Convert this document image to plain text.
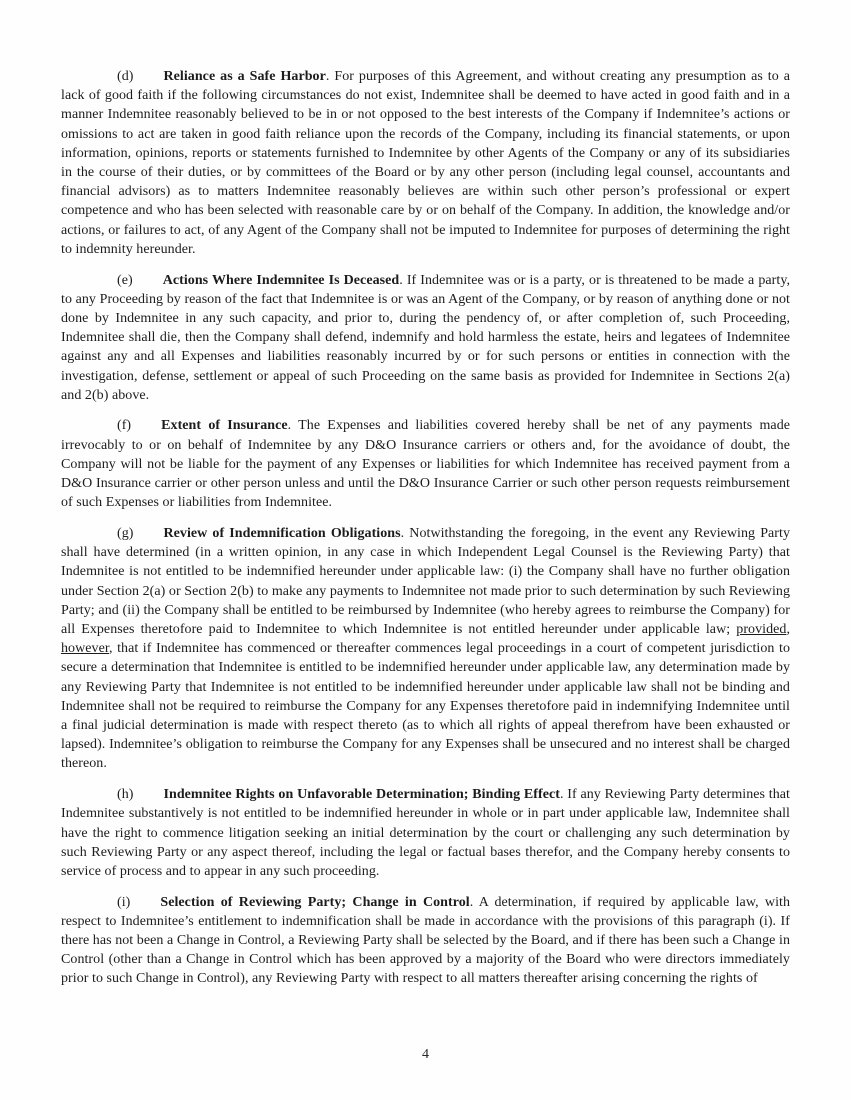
(d) Reliance as a Safe Harbor. For purposes of this Agreement, and without creating any presumption as to a lack of good faith if the following circumstances do not exist, Indemnitee shall be deemed to have acted in good faith and in a manner Indemnitee reasonably believed to be in or not opposed to the best interests of the Company if Indemnitee’s actions or omissions to act are taken in good faith reliance upon the records of the Company, including its financial statements, or upon information, opinions, reports or statements furnished to Indemnitee by other Agents of the Company or any of its subsidiaries in the course of their duties, or by committees of the Board or by any other person (including legal counsel, accountants and financial advisors) as to matters Indemnitee reasonably believes are within such other person’s professional or expert competence and who has been selected with reasonable care by or on behalf of the Company. In addition, the knowledge and/or actions, or failures to act, of any Agent of the Company shall not be imputed to Indemnitee for purposes of determining the right to indemnity hereunder.

(e) Actions Where Indemnitee Is Deceased. If Indemnitee was or is a party, or is threatened to be made a party, to any Proceeding by reason of the fact that Indemnitee is or was an Agent of the Company, or by reason of anything done or not done by Indemnitee in any such capacity, and prior to, during the pendency of, or after completion of, such Proceeding, Indemnitee shall die, then the Company shall defend, indemnify and hold harmless the estate, heirs and legatees of Indemnitee against any and all Expenses and liabilities reasonably incurred by or for such persons or entities in connection with the investigation, defense, settlement or appeal of such Proceeding on the same basis as provided for Indemnitee in Sections 2(a) and 2(b) above.

(f) Extent of Insurance. The Expenses and liabilities covered hereby shall be net of any payments made irrevocably to or on behalf of Indemnitee by any D&O Insurance carriers or others and, for the avoidance of doubt, the Company will not be liable for the payment of any Expenses or liabilities for which Indemnitee has received payment from a D&O Insurance carrier or other person unless and until the D&O Insurance Carrier or such other person requests reimbursement of such Expenses or liabilities from Indemnitee.

(g) Review of Indemnification Obligations. Notwithstanding the foregoing, in the event any Reviewing Party shall have determined (in a written opinion, in any case in which Independent Legal Counsel is the Reviewing Party) that Indemnitee is not entitled to be indemnified hereunder under applicable law: (i) the Company shall have no further obligation under Section 2(a) or Section 2(b) to make any payments to Indemnitee not made prior to such determination by such Reviewing Party; and (ii) the Company shall be entitled to be reimbursed by Indemnitee (who hereby agrees to reimburse the Company) for all Expenses theretofore paid to Indemnitee to which Indemnitee is not entitled hereunder under applicable law; provided, however, that if Indemnitee has commenced or thereafter commences legal proceedings in a court of competent jurisdiction to secure a determination that Indemnitee is entitled to be indemnified hereunder under applicable law, any determination made by any Reviewing Party that Indemnitee is not entitled to be indemnified hereunder under applicable law shall not be binding and Indemnitee shall not be required to reimburse the Company for any Expenses theretofore paid in indemnifying Indemnitee until a final judicial determination is made with respect thereto (as to which all rights of appeal therefrom have been exhausted or lapsed). Indemnitee’s obligation to reimburse the Company for any Expenses shall be unsecured and no interest shall be charged thereon.

(h) Indemnitee Rights on Unfavorable Determination; Binding Effect. If any Reviewing Party determines that Indemnitee substantively is not entitled to be indemnified hereunder in whole or in part under applicable law, Indemnitee shall have the right to commence litigation seeking an initial determination by the court or challenging any such determination by such Reviewing Party or any aspect thereof, including the legal or factual bases therefor, and the Company hereby consents to service of process and to appear in any such proceeding.

(i) Selection of Reviewing Party; Change in Control. A determination, if required by applicable law, with respect to Indemnitee’s entitlement to indemnification shall be made in accordance with the provisions of this paragraph (i). If there has not been a Change in Control, a Reviewing Party shall be selected by the Board, and if there has been such a Change in Control (other than a Change in Control which has been approved by a majority of the Board who were directors immediately prior to such Change in Control), any Reviewing Party with respect to all matters thereafter arising concerning the rights of

4
